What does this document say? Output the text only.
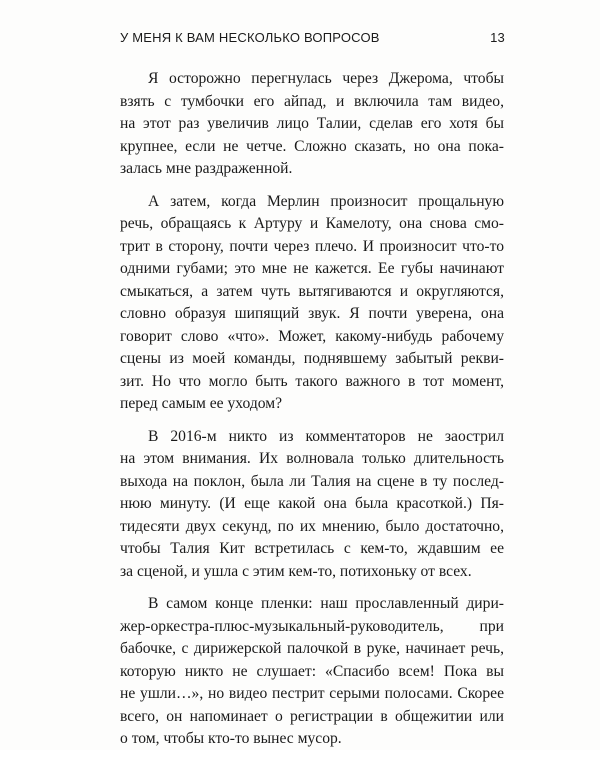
У МЕНЯ К ВАМ НЕСКОЛЬКО ВОПРОСОВ	13
Я осторожно перегнулась через Джерома, чтобы
взять с тумбочки его айпад, и включила там видео,
на этот раз увеличив лицо Талии, сделав его хотя бы
крупнее, если не четче. Сложно сказать, но она пока-
залась мне раздраженной.
А затем, когда Мерлин произносит прощальную
речь, обращаясь к Артуру и Камелоту, она снова смо-
трит в сторону, почти через плечо. И произносит что-то
одними губами; это мне не кажется. Ее губы начинают
смыкаться, а затем чуть вытягиваются и округляются,
словно образуя шипящий звук. Я почти уверена, она
говорит слово «что». Может, какому-нибудь рабочему
сцены из моей команды, поднявшему забытый рекви-
зит. Но что могло быть такого важного в тот момент,
перед самым ее уходом?
В 2016-м никто из комментаторов не заострил
на этом внимания. Их волновала только длительность
выхода на поклон, была ли Талия на сцене в ту послед-
нюю минуту. (И еще какой она была красоткой.) Пя-
тидесяти двух секунд, по их мнению, было достаточно,
чтобы Талия Кит встретилась с кем-то, ждавшим ее
за сценой, и ушла с этим кем-то, потихоньку от всех.
В самом конце пленки: наш прославленный дири-
жер-оркестра-плюс-музыкальный-руководитель, при
бабочке, с дирижерской палочкой в руке, начинает речь,
которую никто не слушает: «Спасибо всем! Пока вы
не ушли…», но видео пестрит серыми полосами. Скорее
всего, он напоминает о регистрации в общежитии или
о том, чтобы кто-то вынес мусор.
